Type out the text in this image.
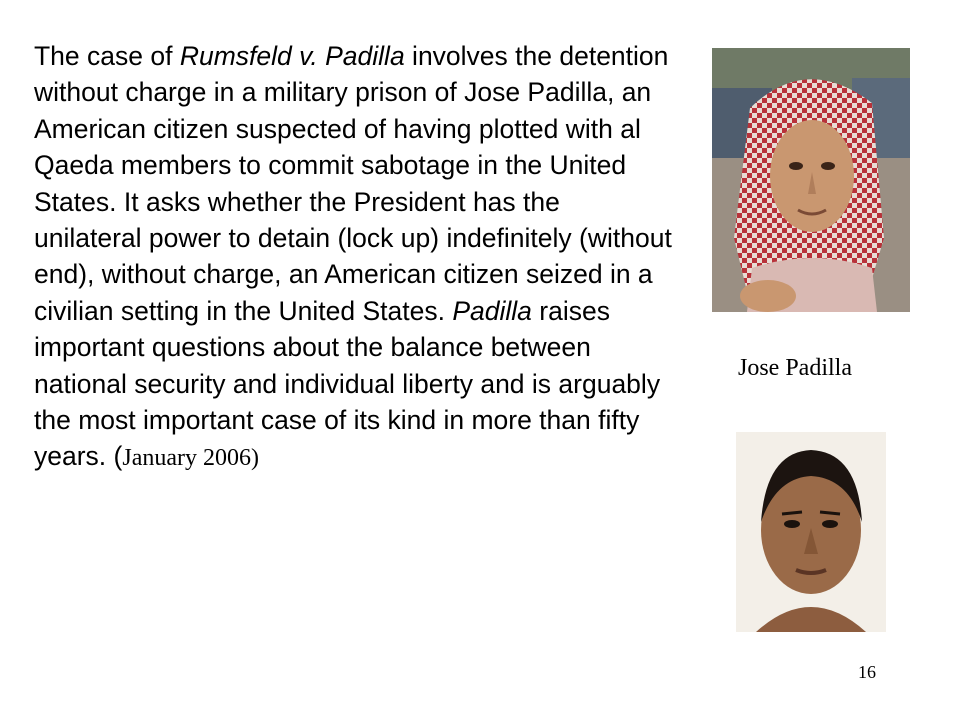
The case of Rumsfeld v. Padilla involves the detention without charge in a military prison of Jose Padilla, an American citizen suspected of having plotted with al Qaeda members to commit sabotage in the United States. It asks whether the President has the unilateral power to detain (lock up) indefinitely (without end), without charge, an American citizen seized in a civilian setting in the United States. Padilla raises important questions about the balance between national security and individual liberty and is arguably the most important case of its kind in more than fifty years. (January 2006)

Jose Padilla
16
